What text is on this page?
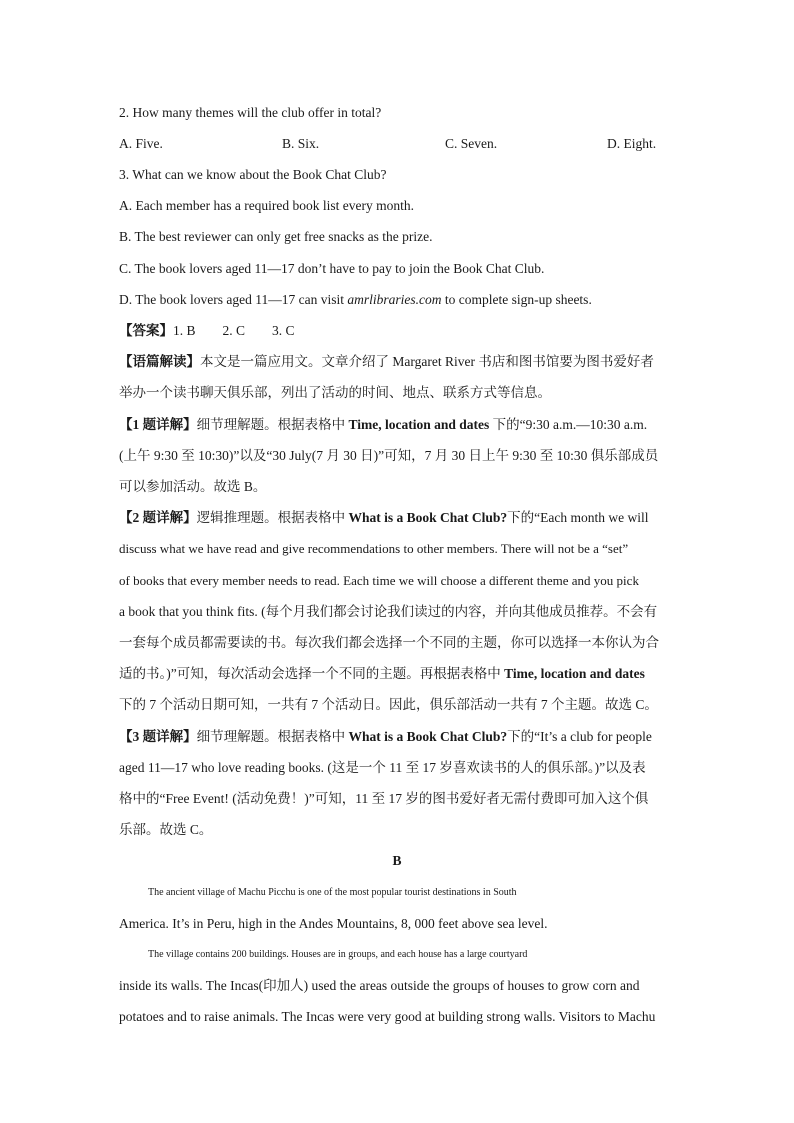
2. How many themes will the club offer in total?
A. Five.	B. Six.	C. Seven.	D. Eight.
3. What can we know about the Book Chat Club?
A. Each member has a required book list every month.
B. The best reviewer can only get free snacks as the prize.
C. The book lovers aged 11—17 don’t have to pay to join the Book Chat Club.
D. The book lovers aged 11—17 can visit amrlibraries.com to complete sign-up sheets.
【答案】1. B        2. C        3. C
【语篇解读】本文是一篇应用文。文章介绍了 Margaret River 书店和图书馆要为图书爱好者
举办一个读书聊天俱乐部，列出了活动的时间、地点、联系方式等信息。
【1 题详解】细节理解题。根据表格中 Time, location and dates 下的“9:30 a.m.—10:30 a.m.
(上午 9:30 至 10:30)”以及“30 July(7 月 30 日)”可知，7 月 30 日上午 9:30 至 10:30 俱乐部成员
可以参加活动。故选 B。
【2 题详解】逻辑推理题。根据表格中 What is a Book Chat Club?下的“Each month we will
discuss what we have read and give recommendations to other members. There will not be a “set”
of books that every member needs to read. Each time we will choose a different theme and you pick
a book that you think fits. (每个月我们都会讨论我们读过的内容，并向其他成员推荐。不会有
一套每个成员都需要读的书。每次我们都会选择一个不同的主题，你可以选择一本你认为合
适的书。)”可知，每次活动会选择一个不同的主题。再根据表格中 Time, location and dates
下的 7 个活动日期可知，一共有 7 个活动日。因此，俱乐部活动一共有 7 个主题。故选 C。
【3 题详解】细节理解题。根据表格中 What is a Book Chat Club?下的“It’s a club for people
aged 11—17 who love reading books. (这是一个 11 至 17 岁喜欢读书的人的俱乐部。)”以及表
格中的“Free Event! (活动免费！)”可知，11 至 17 岁的图书爱好者无需付费即可加入这个俱
乐部。故选 C。
B
The ancient village of Machu Picchu is one of the most popular tourist destinations in South
America. It’s in Peru, high in the Andes Mountains, 8, 000 feet above sea level.
The village contains 200 buildings. Houses are in groups, and each house has a large courtyard
inside its walls. The Incas(印加人) used the areas outside the groups of houses to grow corn and
potatoes and to raise animals. The Incas were very good at building strong walls. Visitors to Machu
